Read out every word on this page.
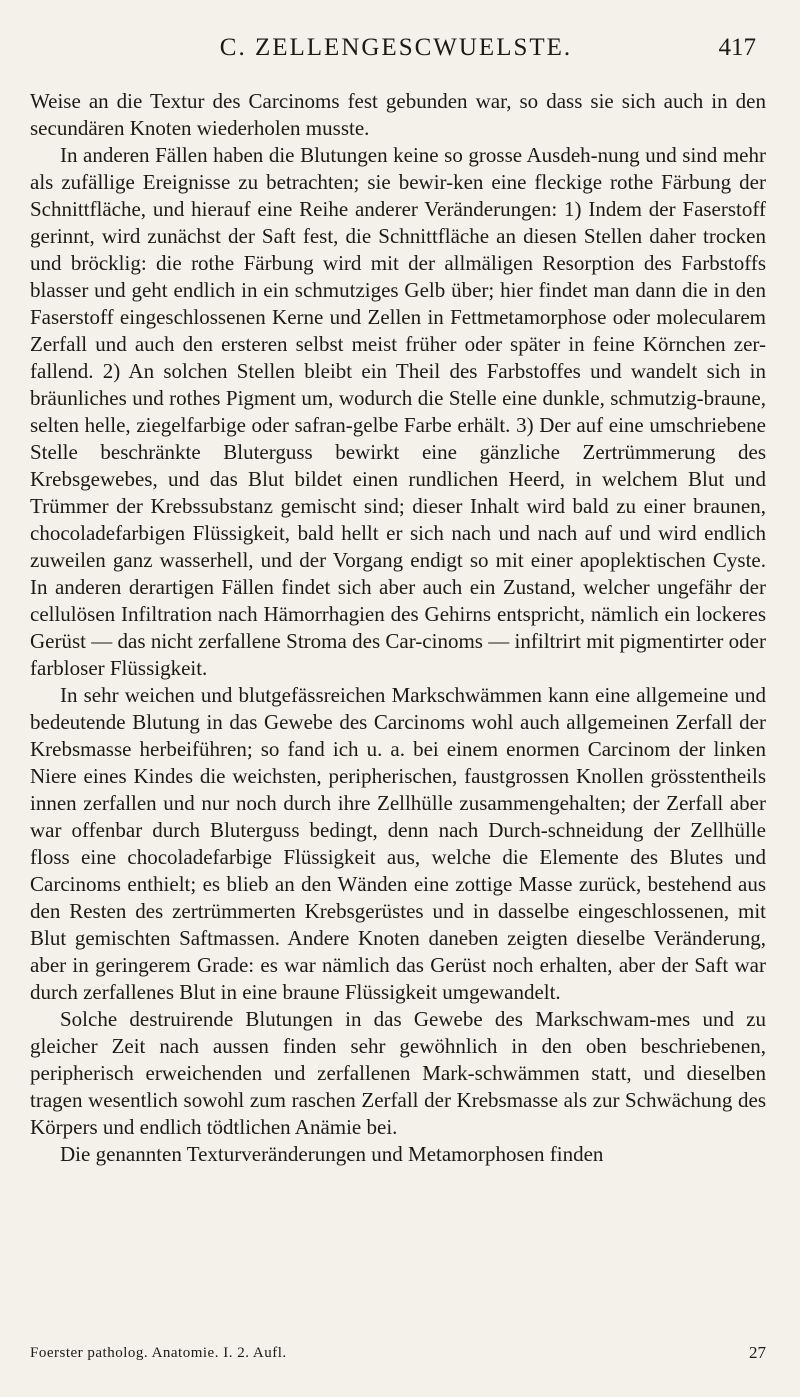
C. ZELLENGESCWUELSTE.	417

Weise an die Textur des Carcinoms fest gebunden war, so dass sie sich auch in den secundären Knoten wiederholen musste.

In anderen Fällen haben die Blutungen keine so grosse Ausdeh-nung und sind mehr als zufällige Ereignisse zu betrachten; sie bewir-ken eine fleckige rothe Färbung der Schnittfläche, und hierauf eine Reihe anderer Veränderungen: 1) Indem der Faserstoff gerinnt, wird zunächst der Saft fest, die Schnittfläche an diesen Stellen daher trocken und bröcklig: die rothe Färbung wird mit der allmäligen Resorption des Farbstoffs blasser und geht endlich in ein schmutziges Gelb über; hier findet man dann die in den Faserstoff eingeschlossenen Kerne und Zellen in Fettmetamorphose oder molecularem Zerfall und auch den ersteren selbst meist früher oder später in feine Körnchen zer-fallend. 2) An solchen Stellen bleibt ein Theil des Farbstoffes und wandelt sich in bräunliches und rothes Pigment um, wodurch die Stelle eine dunkle, schmutzig-braune, selten helle, ziegelfarbige oder safran-gelbe Farbe erhält. 3) Der auf eine umschriebene Stelle beschränkte Bluterguss bewirkt eine gänzliche Zertrümmerung des Krebsgewebes, und das Blut bildet einen rundlichen Heerd, in welchem Blut und Trümmer der Krebssubstanz gemischt sind; dieser Inhalt wird bald zu einer braunen, chocoladefarbigen Flüssigkeit, bald hellt er sich nach und nach auf und wird endlich zuweilen ganz wasserhell, und der Vorgang endigt so mit einer apoplektischen Cyste. In anderen derartigen Fällen findet sich aber auch ein Zustand, welcher ungefähr der cellulösen Infiltration nach Hämorrhagien des Gehirns entspricht, nämlich ein lockeres Gerüst — das nicht zerfallene Stroma des Car-cinoms — infiltrirt mit pigmentirter oder farbloser Flüssigkeit.

In sehr weichen und blutgefässreichen Markschwämmen kann eine allgemeine und bedeutende Blutung in das Gewebe des Carcinoms wohl auch allgemeinen Zerfall der Krebsmasse herbeiführen; so fand ich u. a. bei einem enormen Carcinom der linken Niere eines Kindes die weichsten, peripherischen, faustgrossen Knollen grösstentheils innen zerfallen und nur noch durch ihre Zellhülle zusammengehalten; der Zerfall aber war offenbar durch Bluterguss bedingt, denn nach Durch-schneidung der Zellhülle floss eine chocoladefarbige Flüssigkeit aus, welche die Elemente des Blutes und Carcinoms enthielt; es blieb an den Wänden eine zottige Masse zurück, bestehend aus den Resten des zertrümmerten Krebsgerüstes und in dasselbe eingeschlossenen, mit Blut gemischten Saftmassen. Andere Knoten daneben zeigten dieselbe Veränderung, aber in geringerem Grade: es war nämlich das Gerüst noch erhalten, aber der Saft war durch zerfallenes Blut in eine braune Flüssigkeit umgewandelt.

Solche destruirende Blutungen in das Gewebe des Markschwam-mes und zu gleicher Zeit nach aussen finden sehr gewöhnlich in den oben beschriebenen, peripherisch erweichenden und zerfallenen Mark-schwämmen statt, und dieselben tragen wesentlich sowohl zum raschen Zerfall der Krebsmasse als zur Schwächung des Körpers und endlich tödtlichen Anämie bei.

Die genannten Texturveränderungen und Metamorphosen finden

Foerster patholog. Anatomie. I. 2. Aufl.	27
